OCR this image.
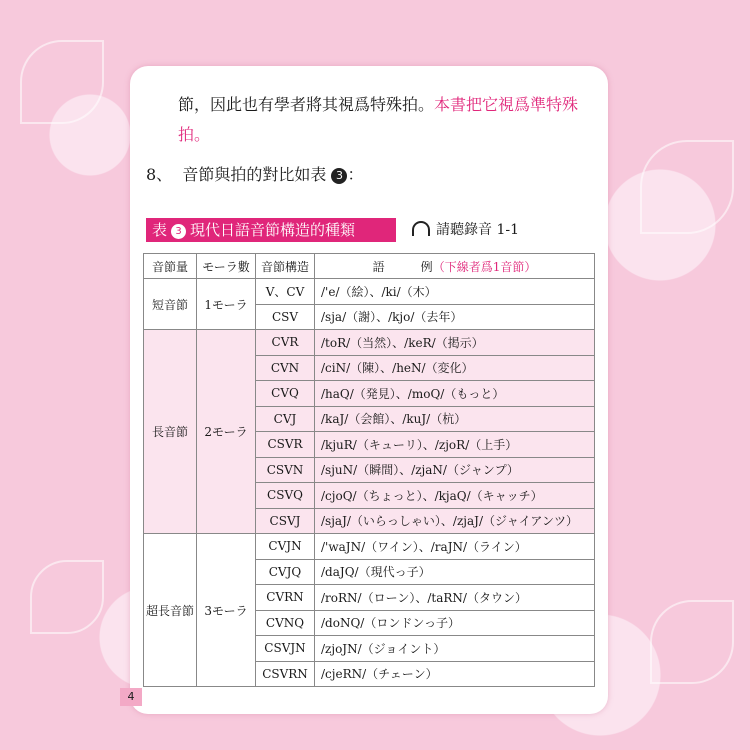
節，因此也有學者將其視爲特殊拍。本書把它視爲準特殊
拍。
8、 音節與拍的對比如表 3 ：
表 3 現代日語音節構造的種類	請聽錄音 1-1
音節量	モーラ數	音節構造	語　　　例（下線者爲1音節）
短音節	1モーラ	V、CV	/'e/（絵）、/ki/（木）
		CSV	/sja/（謝）、/kjo/（去年）
長音節	2モーラ	CVR	/toR/（当然）、/keR/（掲示）
		CVN	/ciN/（陳）、/heN/（変化）
		CVQ	/haQ/（発見）、/moQ/（もっと）
		CVJ	/kaJ/（会館）、/kuJ/（杭）
		CSVR	/kjuR/（キューリ）、/zjoR/（上手）
		CSVN	/sjuN/（瞬間）、/zjaN/（ジャンプ）
		CSVQ	/cjoQ/（ちょっと）、/kjaQ/（キャッチ）
		CSVJ	/sjaJ/（いらっしゃい）、/zjaJ/（ジャイアンツ）
超長音節	3モーラ	CVJN	/'waJN/（ワイン）、/raJN/（ライン）
		CVJQ	/daJQ/（現代っ子）
		CVRN	/roRN/（ローン）、/taRN/（タウン）
		CVNQ	/doNQ/（ロンドンっ子）
		CSVJN	/zjoJN/（ジョイント）
		CSVRN	/cjeRN/（チェーン）
4
